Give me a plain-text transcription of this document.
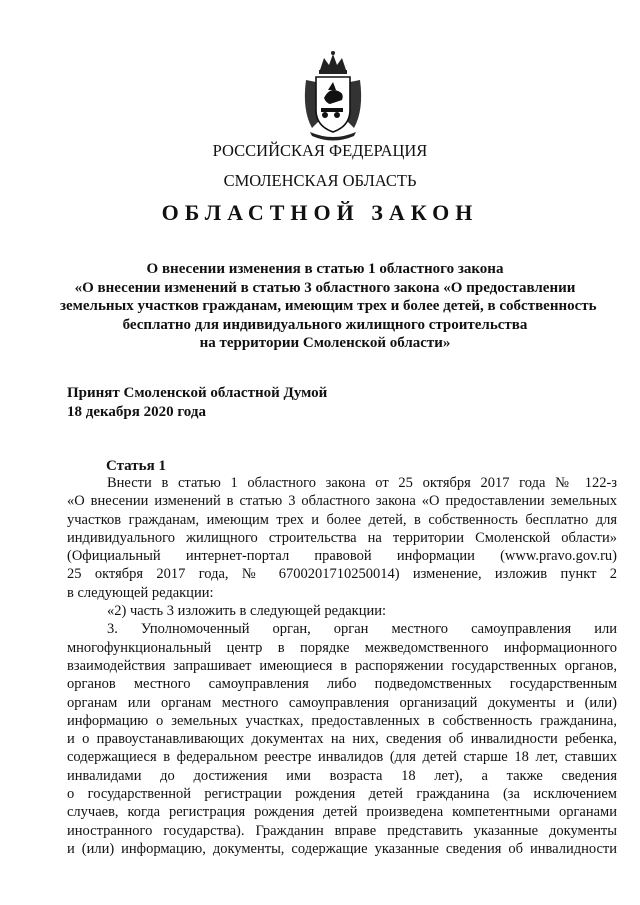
РОССИЙСКАЯ ФЕДЕРАЦИЯ
СМОЛЕНСКАЯ ОБЛАСТЬ
ОБЛАСТНОЙ ЗАКОН
О внесении изменения в статью 1 областного закона
«О внесении изменений в статью 3 областного закона «О предоставлении
земельных участков гражданам, имеющим трех и более детей, в собственность
бесплатно для индивидуального жилищного строительства
на территории Смоленской области»
Принят Смоленской областной Думой
18 декабря 2020 года
Статья 1
Внести в статью 1 областного закона от 25 октября 2017 года № 122-з
«О внесении изменений в статью 3 областного закона «О предоставлении земельных
участков гражданам, имеющим трех и более детей, в собственность бесплатно для
индивидуального жилищного строительства на территории Смоленской области»
(Официальный интернет-портал правовой информации (www.pravo.gov.ru)
25 октября 2017 года, № 6700201710250014) изменение, изложив пункт 2
в следующей редакции:
«2) часть 3 изложить в следующей редакции:
3. Уполномоченный орган, орган местного самоуправления или
многофункциональный центр в порядке межведомственного информационного
взаимодействия запрашивает имеющиеся в распоряжении государственных органов,
органов местного самоуправления либо подведомственных государственным
органам или органам местного самоуправления организаций документы и (или)
информацию о земельных участках, предоставленных в собственность гражданина,
и о правоустанавливающих документах на них, сведения об инвалидности ребенка,
содержащиеся в федеральном реестре инвалидов (для детей старше 18 лет, ставших
инвалидами до достижения ими возраста 18 лет), а также сведения
о государственной регистрации рождения детей гражданина (за исключением
случаев, когда регистрация рождения детей произведена компетентными органами
иностранного государства). Гражданин вправе представить указанные документы
и (или) информацию, документы, содержащие указанные сведения об инвалидности
